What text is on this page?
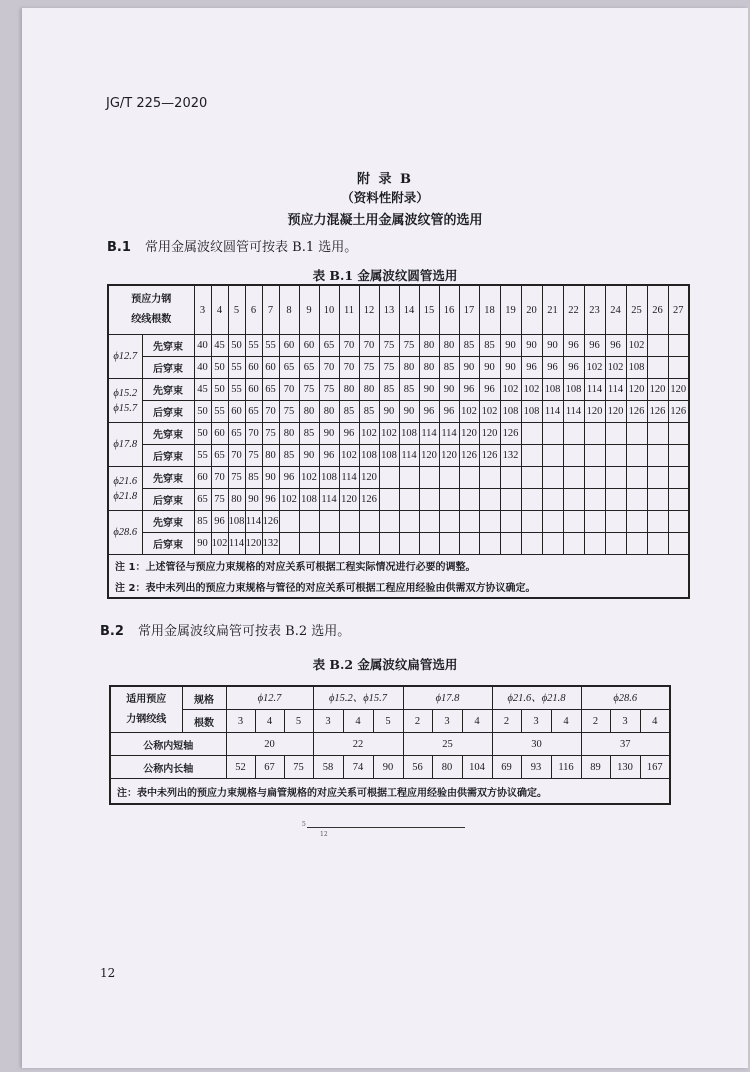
JG/T 225—2020
附 录 B
（资料性附录）
预应力混凝土用金属波纹管的选用
B.1 常用金属波纹圆管可按表 B.1 选用。
表 B.1 金属波纹圆管选用
预应力钢
绞线根数		3	4	5	6	7	8	9	10	11	12	13	14	15	16	17	18	19	20	21	22	23	24	25	26	27

ϕ12.7	先穿束	40	45	50	55	55	60	60	65	70	70	75	75	80	80	85	85	90	90	90	96	96	96	102		
	后穿束	40	50	55	60	60	65	65	70	70	75	75	80	80	85	90	90	90	96	96	96	102	102	108		

ϕ15.2
ϕ15.7	先穿束	45	50	55	60	65	70	75	75	80	80	85	85	90	90	96	96	102	102	108	108	114	114	120	120	120
	后穿束	50	55	60	65	70	75	80	80	85	85	90	90	96	96	102	102	108	108	114	114	120	120	126	126	126

ϕ17.8	先穿束	50	60	65	70	75	80	85	90	96	102	102	108	114	114	120	120	126								
	后穿束	55	65	70	75	80	85	90	96	102	108	108	114	120	120	126	126	132								

ϕ21.6
ϕ21.8	先穿束	60	70	75	85	90	96	102	108	114	120															
	后穿束	65	75	80	90	96	102	108	114	120	126															

ϕ28.6	先穿束	85	96	108	114	126																				
	后穿束	90	102	114	120	132																				
注 1：上述管径与预应力束规格的对应关系可根据工程实际情况进行必要的调整。																										
注 2：表中未列出的预应力束规格与管径的对应关系可根据工程应用经验由供需双方协议确定。																										
B.2 常用金属波纹扁管可按表 B.2 选用。
表 B.2 金属波纹扁管选用
适用预应
力钢绞线	规格	ϕ12.7			ϕ15.2、ϕ15.7			ϕ17.8			ϕ21.6、ϕ21.8			ϕ28.6		
	根数	3	4	5	3	4	5	2	3	4	2	3	4	2	3	4
公称内短轴		20			22			25			30			37		
公称内长轴		52	67	75	58	74	90	56	80	104	69	93	116	89	130	167
注：表中未列出的预应力束规格与扁管规格的对应关系可根据工程应用经验由供需双方协议确定。																
5
12
12
